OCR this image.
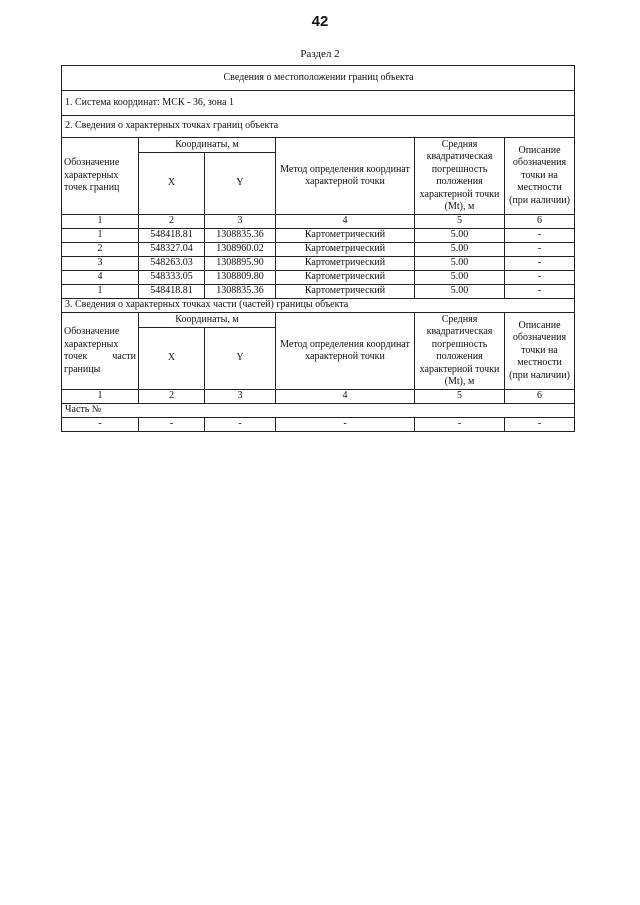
42
Раздел 2
Сведения о местоположении границ объекта					
1. Система координат: МСК - 36, зона 1					
2. Сведения о характерных точках границ объекта					
Обозначение характерных точек границ	Координаты, м		Метод определения координат характерной точки	Средняя квадратическая погрешность положения характерной точки (Mt), м	Описание обозначения точки на местности (при наличии)
	X	Y			
1	2	3	4	5	6
1	548418.81	1308835.36	Картометрический	5.00	-
2	548327.04	1308960.02	Картометрический	5.00	-
3	548263.03	1308895.90	Картометрический	5.00	-
4	548333.05	1308809.80	Картометрический	5.00	-
1	548418.81	1308835.36	Картометрический	5.00	-
3. Сведения о характерных точках части (частей) границы объекта					
Обозначение характерных точек части границы	Координаты, м		Метод определения координат характерной точки	Средняя квадратическая погрешность положения характерной точки (Mt), м	Описание обозначения точки на местности (при наличии)
	X	Y			
1	2	3	4	5	6
Часть №					
-	-	-	-	-	-
